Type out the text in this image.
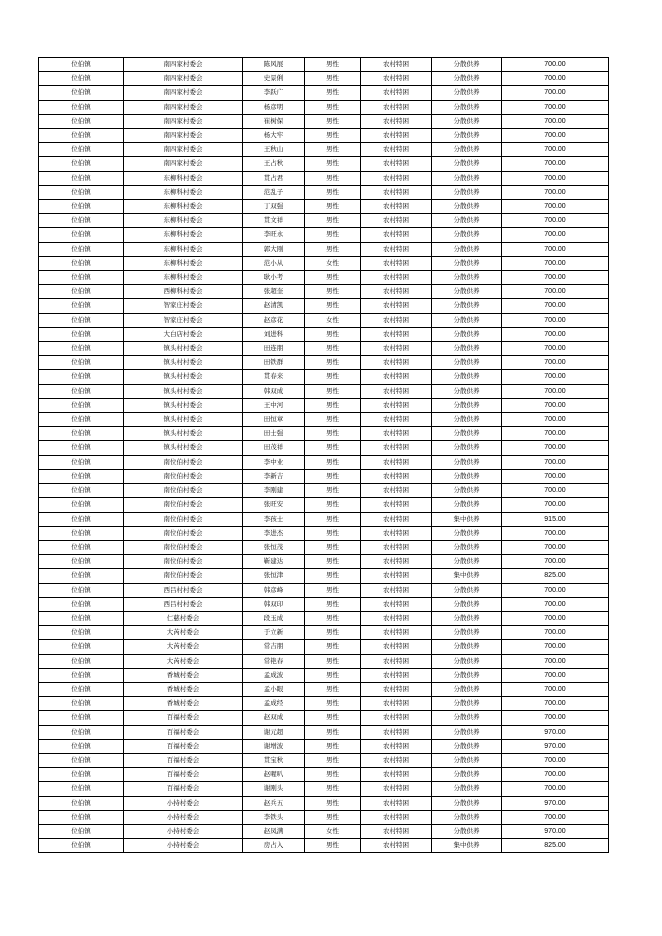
位伯镇	南四家村委会	陈风展	男性	农村特困	分散供养	700.00
位伯镇	南四家村委会	史景俐	男性	农村特困	分散供养	700.00
位伯镇	南四家村委会	李跃广	男性	农村特困	分散供养	700.00
位伯镇	南四家村委会	杨彦明	男性	农村特困	分散供养	700.00
位伯镇	南四家村委会	崔树保	男性	农村特困	分散供养	700.00
位伯镇	南四家村委会	杨大牢	男性	农村特困	分散供养	700.00
位伯镇	南四家村委会	王秋山	男性	农村特困	分散供养	700.00
位伯镇	南四家村委会	王占秋	男性	农村特困	分散供养	700.00
位伯镇	东柳科村委会	贯占君	男性	农村特困	分散供养	700.00
位伯镇	东柳科村委会	范乱子	男性	农村特困	分散供养	700.00
位伯镇	东柳科村委会	丁双强	男性	农村特困	分散供养	700.00
位伯镇	东柳科村委会	贯文祥	男性	农村特困	分散供养	700.00
位伯镇	东柳科村委会	李旺永	男性	农村特困	分散供养	700.00
位伯镇	东柳科村委会	郭大刚	男性	农村特困	分散供养	700.00
位伯镇	东柳科村委会	范小从	女性	农村特困	分散供养	700.00
位伯镇	东柳科村委会	耿小考	男性	农村特困	分散供养	700.00
位伯镇	西柳科村委会	张超奎	男性	农村特困	分散供养	700.00
位伯镇	智家庄村委会	赵清凯	男性	农村特困	分散供养	700.00
位伯镇	智家庄村委会	赵彦花	女性	农村特困	分散供养	700.00
位伯镇	大白店村委会	刘进科	男性	农村特困	分散供养	700.00
位伯镇	镇头村村委会	田连朋	男性	农村特困	分散供养	700.00
位伯镇	镇头村村委会	田铁群	男性	农村特困	分散供养	700.00
位伯镇	镇头村村委会	贯春来	男性	农村特困	分散供养	700.00
位伯镇	镇头村村委会	韩双成	男性	农村特困	分散供养	700.00
位伯镇	镇头村村委会	王中河	男性	农村特困	分散供养	700.00
位伯镇	镇头村村委会	田恒章	男性	农村特困	分散供养	700.00
位伯镇	镇头村村委会	田士强	男性	农村特困	分散供养	700.00
位伯镇	镇头村村委会	田茂祥	男性	农村特困	分散供养	700.00
位伯镇	南位伯村委会	李中业	男性	农村特困	分散供养	700.00
位伯镇	南位伯村委会	李新吉	男性	农村特困	分散供养	700.00
位伯镇	南位伯村委会	李刚建	男性	农村特困	分散供养	700.00
位伯镇	南位伯村委会	张旺安	男性	农村特困	分散供养	700.00
位伯镇	南位伯村委会	李孩士	男性	农村特困	集中供养	915.00
位伯镇	南位伯村委会	李进杰	男性	农村特困	分散供养	700.00
位伯镇	南位伯村委会	张恒茂	男性	农村特困	分散供养	700.00
位伯镇	南位伯村委会	靳建达	男性	农村特困	分散供养	700.00
位伯镇	南位伯村委会	张恒津	男性	农村特困	集中供养	825.00
位伯镇	西吕村村委会	韩彦峰	男性	农村特困	分散供养	700.00
位伯镇	西吕村村委会	韩双印	男性	农村特困	分散供养	700.00
位伯镇	仁慈村委会	段玉成	男性	农村特困	分散供养	700.00
位伯镇	大芮村委会	于立新	男性	农村特困	分散供养	700.00
位伯镇	大芮村委会	常吉朋	男性	农村特困	分散供养	700.00
位伯镇	大芮村委会	常艳春	男性	农村特困	分散供养	700.00
位伯镇	香城村委会	孟成波	男性	农村特困	分散供养	700.00
位伯镇	香城村委会	孟小眼	男性	农村特困	分散供养	700.00
位伯镇	香城村委会	孟成经	男性	农村特困	分散供养	700.00
位伯镇	百福村委会	赵双成	男性	农村特困	分散供养	700.00
位伯镇	百福村委会	谢元超	男性	农村特困	分散供养	970.00
位伯镇	百福村委会	谢增波	男性	农村特困	分散供养	970.00
位伯镇	百福村委会	贯宝秋	男性	农村特困	分散供养	700.00
位伯镇	百福村委会	赵喔叭	男性	农村特困	分散供养	700.00
位伯镇	百福村委会	谢刚头	男性	农村特困	分散供养	700.00
位伯镇	小持村委会	赵兵五	男性	农村特困	分散供养	970.00
位伯镇	小持村委会	李铁头	男性	农村特困	分散供养	700.00
位伯镇	小持村委会	赵凤满	女性	农村特困	分散供养	970.00
位伯镇	小持村委会	房占入	男性	农村特困	集中供养	825.00
